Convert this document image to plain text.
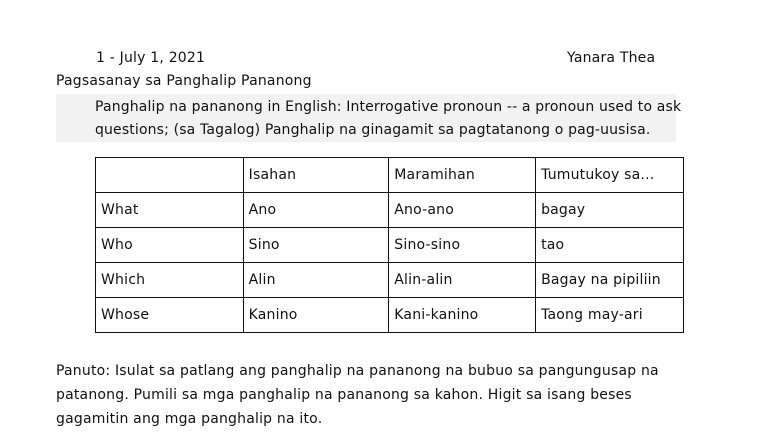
1 - July 1, 2021	Yanara Thea
Pagsasanay sa Panghalip Pananong
Panghalip na pananong in English: Interrogative pronoun -- a pronoun used to ask
questions; (sa Tagalog) Panghalip na ginagamit sa pagtatanong o pag-uusisa.
	Isahan	Maramihan	Tumutukoy sa...
What	Ano	Ano-ano	bagay
Who	Sino	Sino-sino	tao
Which	Alin	Alin-alin	Bagay na pipiliin
Whose	Kanino	Kani-kanino	Taong may-ari
Panuto: Isulat sa patlang ang panghalip na pananong na bubuo sa pangungusap na
patanong. Pumili sa mga panghalip na pananong sa kahon. Higit sa isang beses
gagamitin ang mga panghalip na ito.
